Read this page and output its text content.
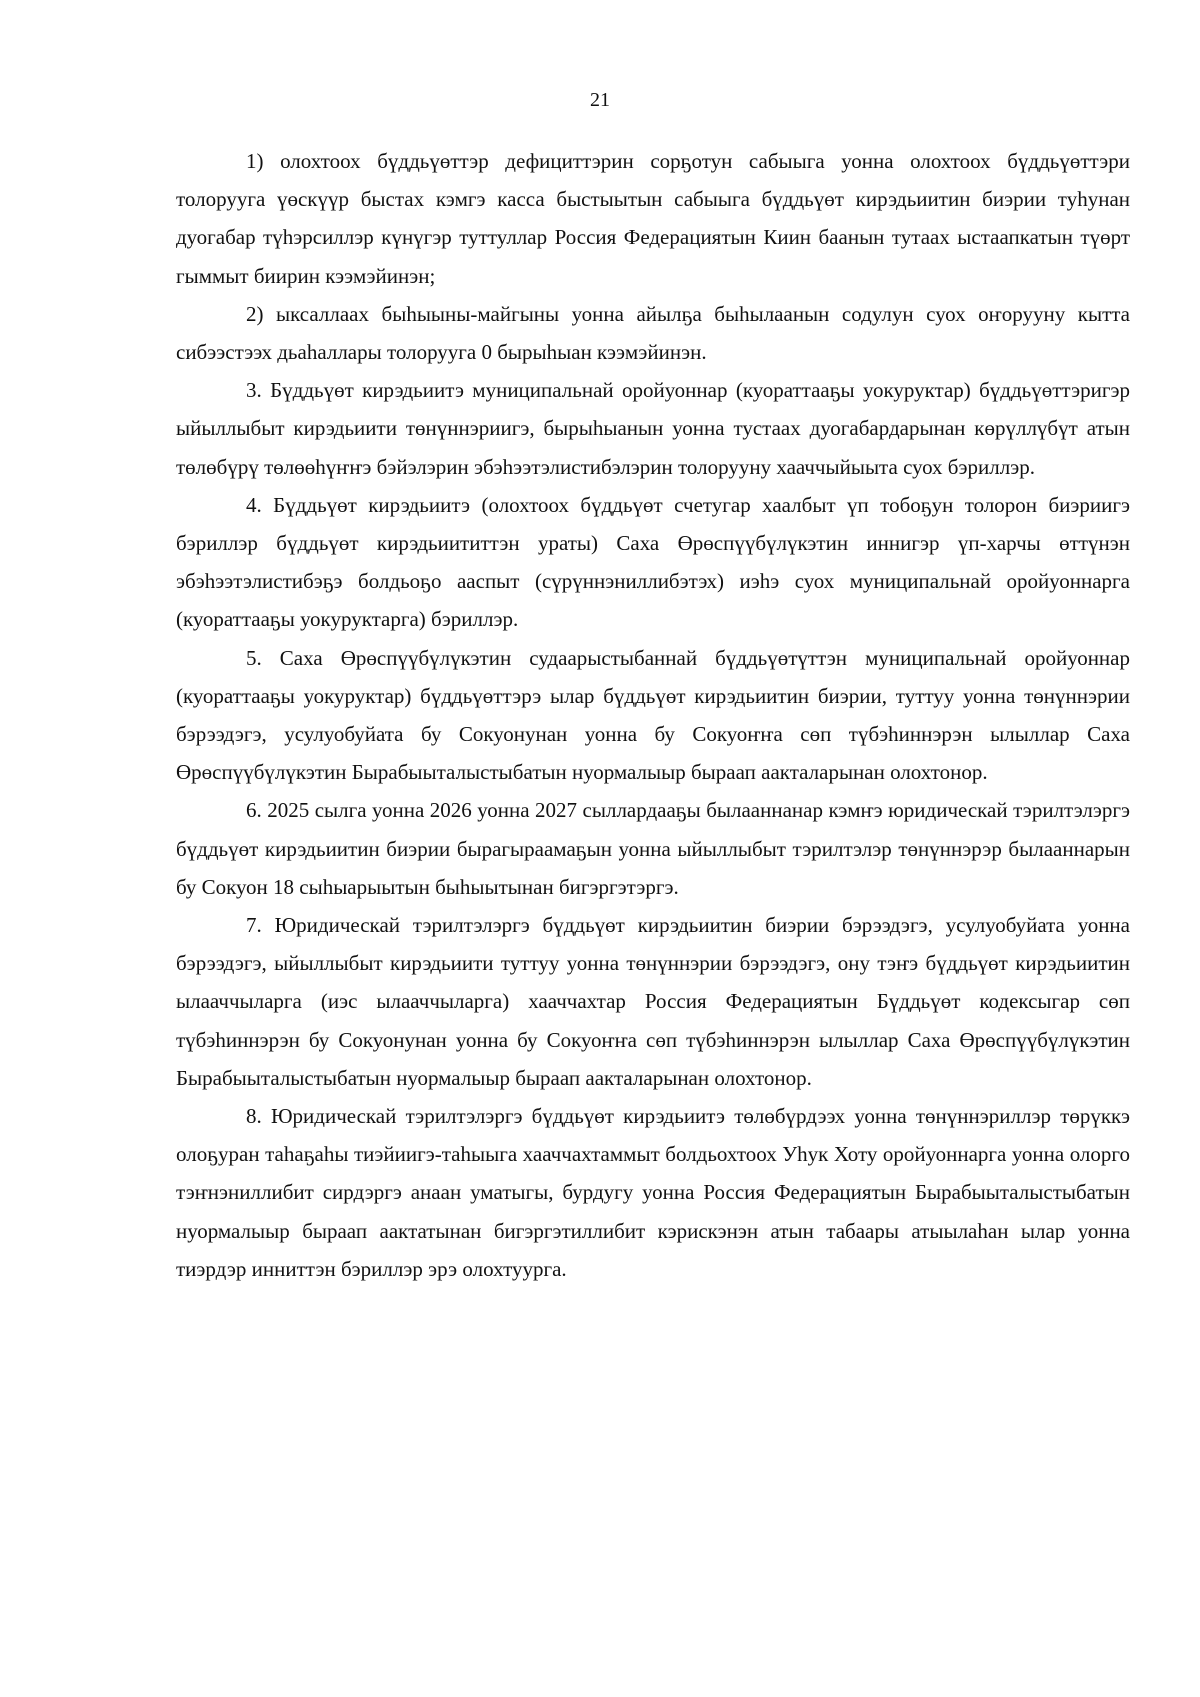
21

1) олохтоох бүддьүөттэр дефициттэрин сорҕотун сабыыга уонна олохтоох бүддьүөттэри толорууга үөскүүр быстах кэмгэ касса быстыытын сабыыга бүддьүөт кирэдьиитин биэрии туһунан дуогабар түһэрсиллэр күнүгэр туттуллар Россия Федерациятын Киин баанын тутаах ыстаапкатын түөрт гыммыт биирин кээмэйинэн;

2) ыксаллаах быһыыны-майгыны уонна айылҕа быһылаанын содулун суох оҥорууну кытта сибээстээх дьаһаллары толорууга 0 бырыһыан кээмэйинэн.

3. Бүддьүөт кирэдьиитэ муниципальнай оройуоннар (куораттааҕы уокуруктар) бүддьүөттэригэр ыйыллыбыт кирэдьиити төнүннэриигэ, бырыһыанын уонна тустаах дуогабардарынан көрүллүбүт атын төлөбүрү төлөөһүҥҥэ бэйэлэрин эбэһээтэлистибэлэрин толорууну хааччыйыыта суох бэриллэр.

4. Бүддьүөт кирэдьиитэ (олохтоох бүддьүөт счетугар хаалбыт үп тобоҕун толорон биэриигэ бэриллэр бүддьүөт кирэдьиититтэн ураты) Саха Өрөспүүбүлүкэтин иннигэр үп-харчы өттүнэн эбэһээтэлистибэҕэ болдьоҕо ааспыт (сүрүннэниллибэтэх) иэһэ суох муниципальнай оройуоннарга (куораттааҕы уокуруктарга) бэриллэр.

5. Саха Өрөспүүбүлүкэтин судаарыстыбаннай бүддьүөтүттэн муниципальнай оройуоннар (куораттааҕы уокуруктар) бүддьүөттэрэ ылар бүддьүөт кирэдьиитин биэрии, туттуу уонна төнүннэрии бэрээдэгэ, усулуобуйата бу Сокуонунан уонна бу Сокуоҥҥа сөп түбэһиннэрэн ылыллар Саха Өрөспүүбүлүкэтин Бырабыыталыстыбатын нуормалыыр быраап аакталарынан олохтонор.

6. 2025 сылга уонна 2026 уонна 2027 сыллардааҕы былааннанар кэмҥэ юридическай тэрилтэлэргэ бүддьүөт кирэдьиитин биэрии бырагыраамаҕын уонна ыйыллыбыт тэрилтэлэр төнүннэрэр былааннарын бу Сокуон 18 сыһыарыытын быһыытынан бигэргэтэргэ.

7. Юридическай тэрилтэлэргэ бүддьүөт кирэдьиитин биэрии бэрээдэгэ, усулуобуйата уонна бэрээдэгэ, ыйыллыбыт кирэдьиити туттуу уонна төнүннэрии бэрээдэгэ, ону тэҥэ бүддьүөт кирэдьиитин ылааччыларга (иэс ылааччыларга) хааччахтар Россия Федерациятын Бүддьүөт кодексыгар сөп түбэһиннэрэн бу Сокуонунан уонна бу Сокуоҥҥа сөп түбэһиннэрэн ылыллар Саха Өрөспүүбүлүкэтин Бырабыыталыстыбатын нуормалыыр быраап аакталарынан олохтонор.

8. Юридическай тэрилтэлэргэ бүддьүөт кирэдьиитэ төлөбүрдээх уонна төнүннэриллэр төрүккэ олоҕуран таһаҕаһы тиэйиигэ-таһыыга хааччахтаммыт болдьохтоох Уһук Хоту оройуоннарга уонна олорго тэҥнэниллибит сирдэргэ анаан уматыгы, бурдугу уонна Россия Федерациятын Бырабыыталыстыбатын нуормалыыр быраап аактатынан бигэргэтиллибит кэрискэнэн атын табаары атыылаһан ылар уонна тиэрдэр инниттэн бэриллэр эрэ олохтуурга.
